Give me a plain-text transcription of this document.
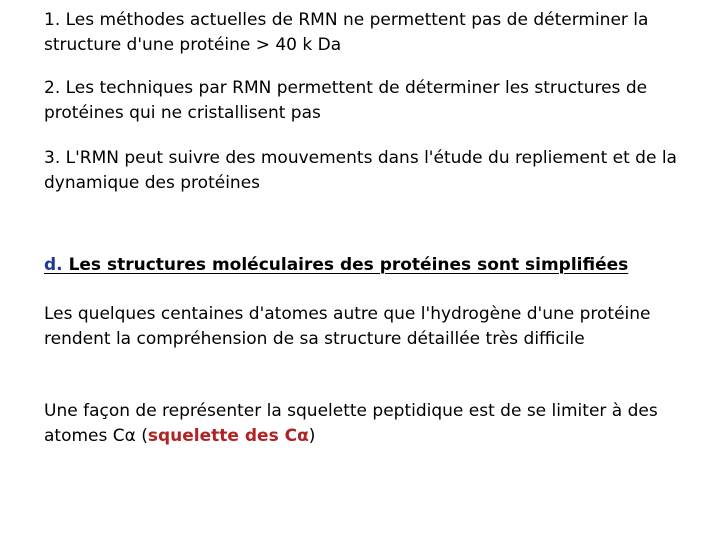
1. Les méthodes actuelles de RMN ne permettent pas de déterminer la structure d'une protéine > 40 k Da

2. Les techniques par RMN permettent de déterminer les structures de protéines qui ne cristallisent pas

3. L'RMN peut suivre des mouvements dans l'étude du repliement et de la dynamique des protéines

d. Les structures moléculaires des protéines sont simplifiées

Les quelques centaines d'atomes autre que l'hydrogène d'une protéine rendent la compréhension de sa structure détaillée très difficile

Une façon de représenter la squelette peptidique est de se limiter à des atomes Cα (squelette des Cα)
